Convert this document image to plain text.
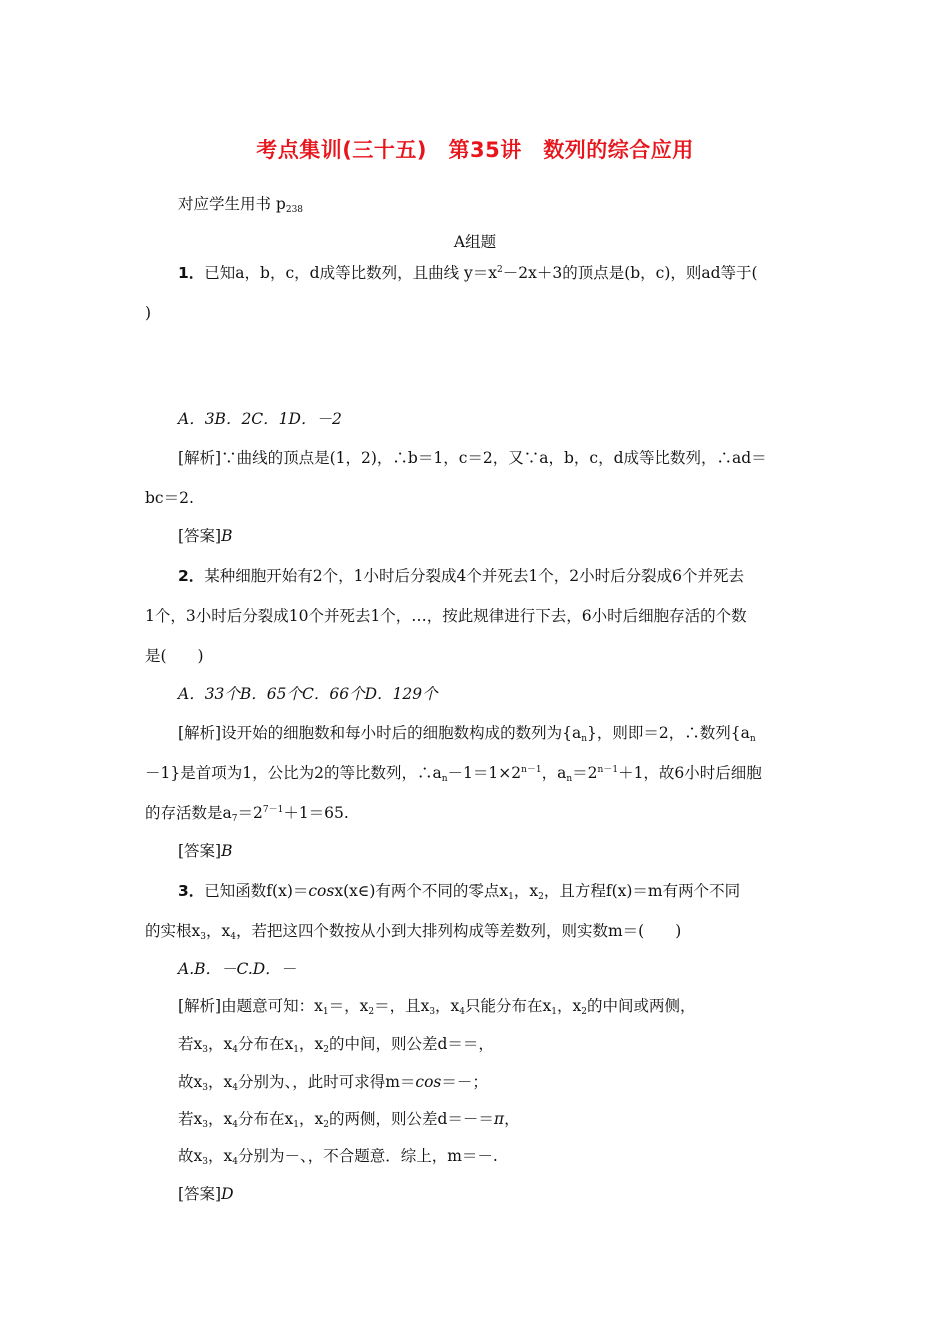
考点集训(三十五)　第35讲　数列的综合应用
对应学生用书 $p_{238}$
A组题
1．已知a，b，c，d成等比数列，且曲线 $y=x^2-2x+3$的顶点是(b，c)，则ad等于(
)
A．3B．2C．1D．－2
[解析]∵曲线的顶点是(1，2)，∴b＝1，c＝2，又∵a，b，c，d成等比数列，∴ad＝
bc＝2.
[答案]B
2．某种细胞开始有2个，1小时后分裂成4个并死去1个，2小时后分裂成6个并死去
1个，3小时后分裂成10个并死去1个，…，按此规律进行下去，6小时后细胞存活的个数
是(　　)
A．33个B．65个C．66个D．129个
[解析]设开始的细胞数和每小时后的细胞数构成的数列为$\{a_n\}$，则即＝2，∴数列{$a_n$
－1}是首项为1，公比为2的等比数列，$\therefore a_n-1=1\times 2^{n-1}$，$a_n=2^{n-1}+1$，故6小时后细胞
的存活数是$a_7=2^{7-1}+1=65$.
[答案]B
3．已知函数f(x)＝cosx(x∈)有两个不同的零点$x_1$，$x_2$，且方程f(x)＝m有两个不同
的实根$x_3$，$x_4$，若把这四个数按从小到大排列构成等差数列，则实数m＝(　　)
A.B．－C.D．－
[解析]由题意可知：$x_1=$，$x_2=$，且$x_3$，$x_4$只能分布在$x_1$，$x_2$的中间或两侧，
若$x_3$，$x_4$分布在$x_1$，$x_2$的中间，则公差d＝＝，
故$x_3$，$x_4$分别为、，此时可求得m＝cos＝－；
若$x_3$，$x_4$分布在$x_1$，$x_2$的两侧，则公差d＝－＝π，
故$x_3$，$x_4$分别为－、，不合题意．综上，m＝－.
[答案]D
